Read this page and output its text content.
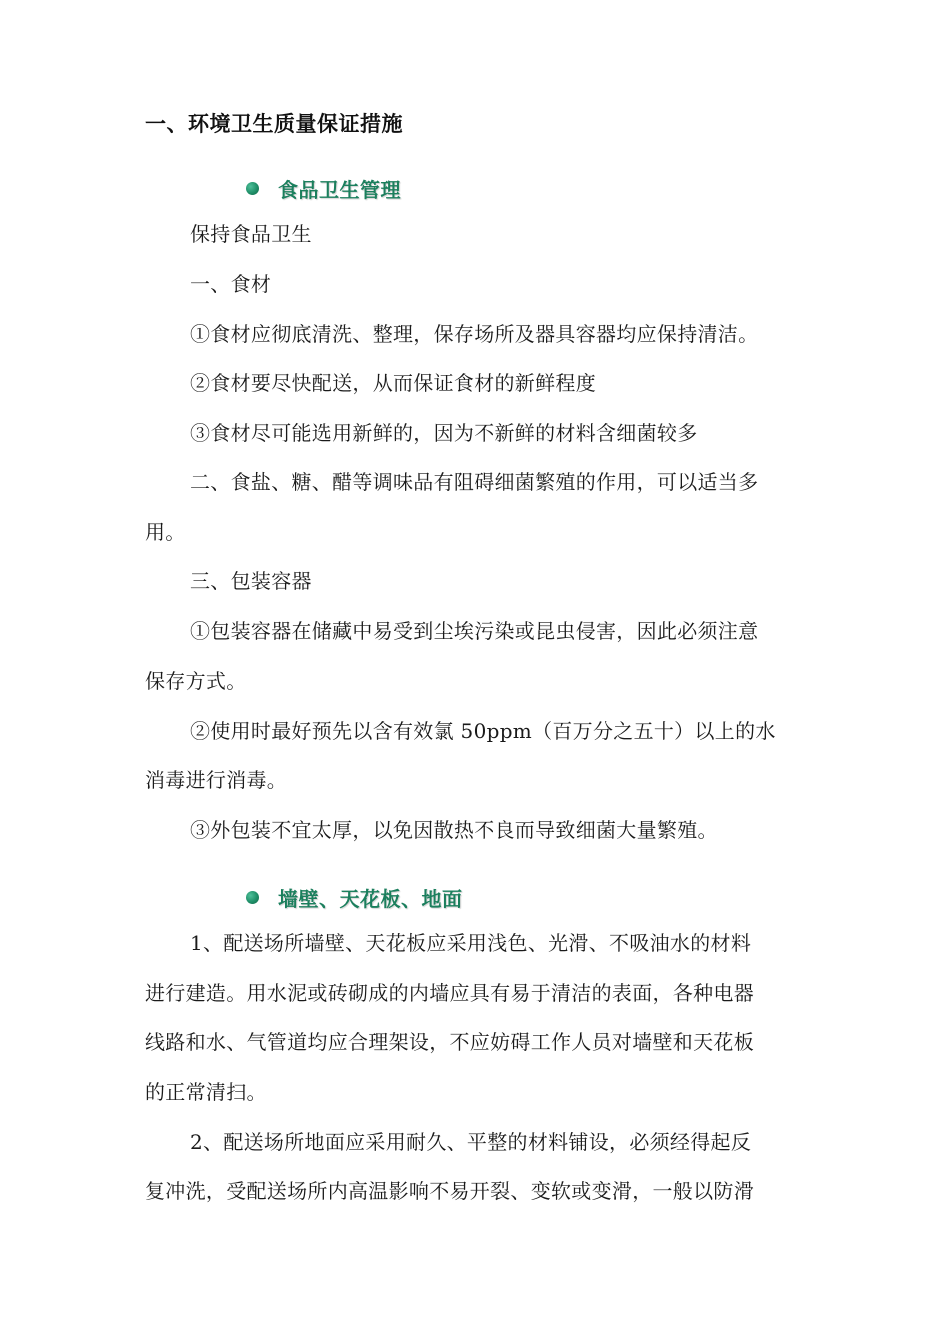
一、环境卫生质量保证措施
食品卫生管理
保持食品卫生
一、食材
①食材应彻底清洗、整理，保存场所及器具容器均应保持清洁。
②食材要尽快配送，从而保证食材的新鲜程度
③食材尽可能选用新鲜的，因为不新鲜的材料含细菌较多
二、食盐、糖、醋等调味品有阻碍细菌繁殖的作用，可以适当多
用。
三、包装容器
①包装容器在储藏中易受到尘埃污染或昆虫侵害，因此必须注意
保存方式。
②使用时最好预先以含有效氯 50ppm（百万分之五十）以上的水
消毒进行消毒。
③外包装不宜太厚，以免因散热不良而导致细菌大量繁殖。
墙壁、天花板、地面
1、配送场所墙壁、天花板应采用浅色、光滑、不吸油水的材料
进行建造。用水泥或砖砌成的内墙应具有易于清洁的表面，各种电器
线路和水、气管道均应合理架设，不应妨碍工作人员对墙壁和天花板
的正常清扫。
2、配送场所地面应采用耐久、平整的材料铺设，必须经得起反
复冲洗，受配送场所内高温影响不易开裂、变软或变滑，一般以防滑
